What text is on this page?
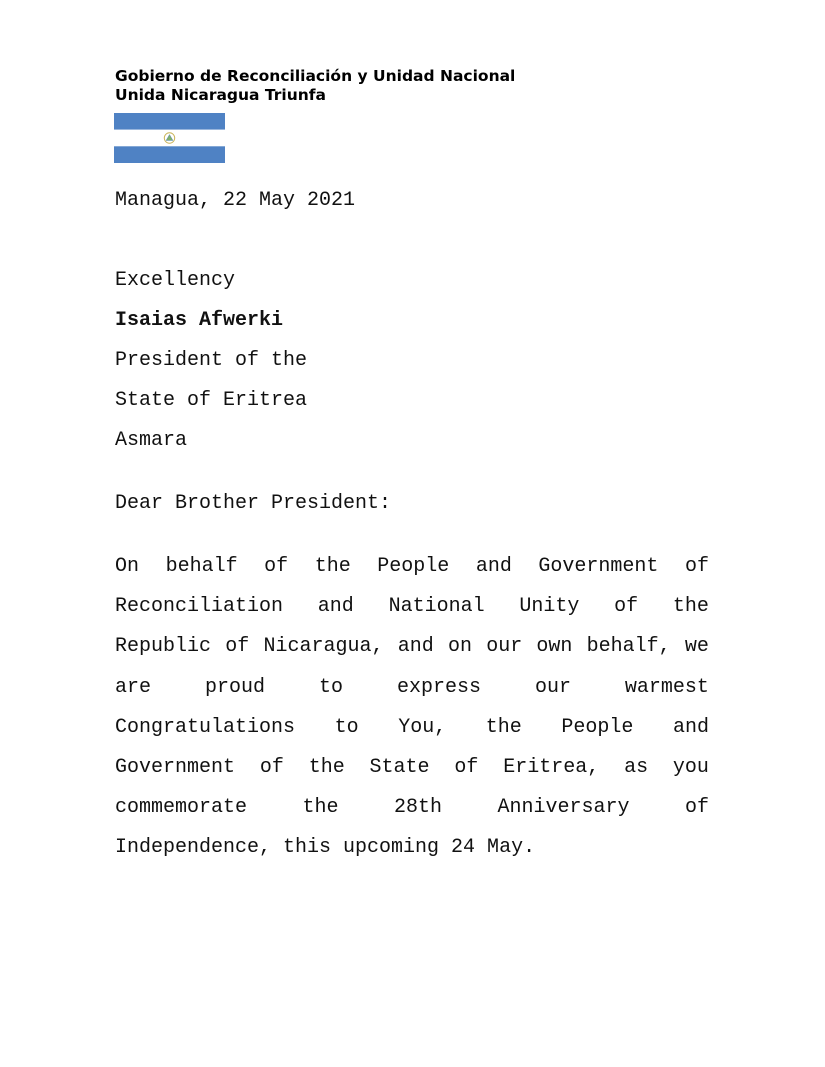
Gobierno de Reconciliación y Unidad Nacional
Unida Nicaragua Triunfa
Managua, 22 May 2021
Excellency
Isaias Afwerki
President of the
State of Eritrea
Asmara
Dear Brother President:
On behalf of the People and Government of
Reconciliation and National Unity of the
Republic of Nicaragua, and on our own behalf, we
are	proud	to	express	our	warmest
Congratulations to You, the People and
Government of the State of Eritrea, as you
commemorate	the	28th	Anniversary	of
Independence, this upcoming 24 May.
